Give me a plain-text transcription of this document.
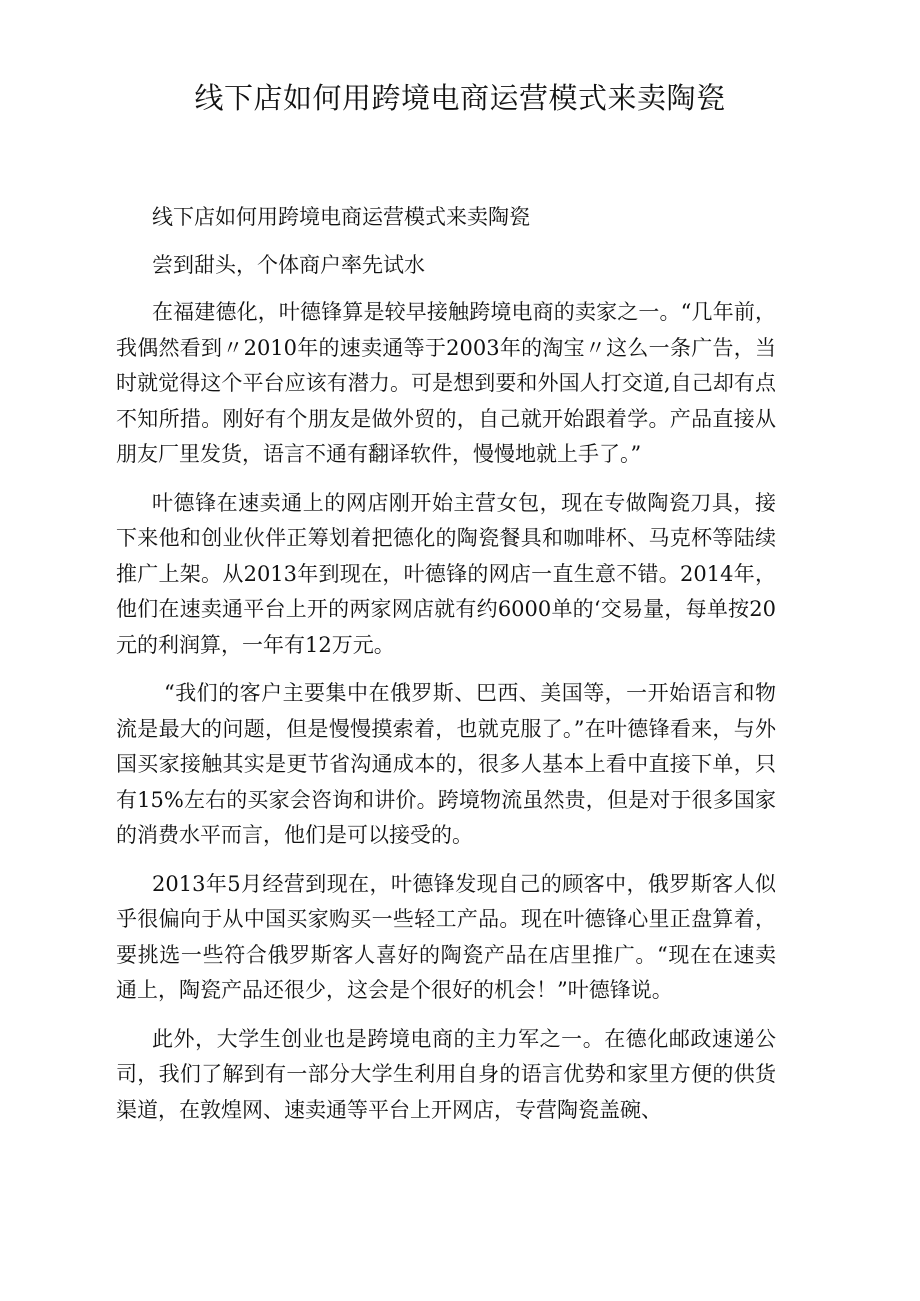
线下店如何用跨境电商运营模式来卖陶瓷

线下店如何用跨境电商运营模式来卖陶瓷

尝到甜头，个体商户率先试水

在福建德化，叶德锋算是较早接触跨境电商的卖家之一。“几年前，我偶然看到〃2010年的速卖通等于2003年的淘宝〃这么一条广告，当时就觉得这个平台应该有潜力。可是想到要和外国人打交道,自己却有点不知所措。刚好有个朋友是做外贸的，自己就开始跟着学。产品直接从朋友厂里发货，语言不通有翻译软件，慢慢地就上手了。”

叶德锋在速卖通上的网店刚开始主营女包，现在专做陶瓷刀具，接下来他和创业伙伴正筹划着把德化的陶瓷餐具和咖啡杯、马克杯等陆续推广上架。从2013年到现在，叶德锋的网店一直生意不错。2014年，他们在速卖通平台上开的两家网店就有约6000单的‘交易量，每单按20元的利润算，一年有12万元。

“我们的客户主要集中在俄罗斯、巴西、美国等，一开始语言和物流是最大的问题，但是慢慢摸索着，也就克服了。”在叶德锋看来，与外国买家接触其实是更节省沟通成本的，很多人基本上看中直接下单，只有15%左右的买家会咨询和讲价。跨境物流虽然贵，但是对于很多国家的消费水平而言，他们是可以接受的。

2013年5月经营到现在，叶德锋发现自己的顾客中，俄罗斯客人似乎很偏向于从中国买家购买一些轻工产品。现在叶德锋心里正盘算着，要挑选一些符合俄罗斯客人喜好的陶瓷产品在店里推广。“现在在速卖通上，陶瓷产品还很少，这会是个很好的机会！”叶德锋说。

此外，大学生创业也是跨境电商的主力军之一。在德化邮政速递公司，我们了解到有一部分大学生利用自身的语言优势和家里方便的供货渠道，在敦煌网、速卖通等平台上开网店，专营陶瓷盖碗、
